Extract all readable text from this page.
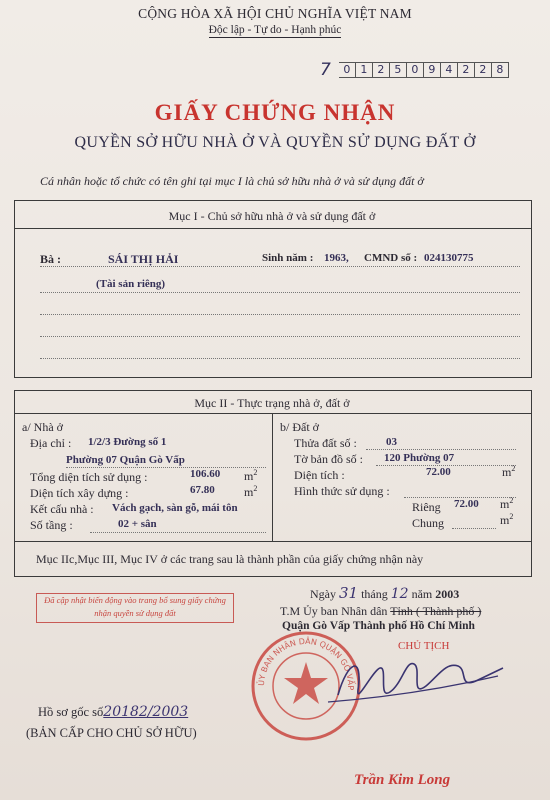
CỘNG HÒA XÃ HỘI CHỦ NGHĨA VIỆT NAM
Độc lập - Tự do - Hạnh phúc
7	0 1 2 5 0 9 4 2 2 8
GIẤY CHỨNG NHẬN
QUYỀN SỞ HỮU NHÀ Ở VÀ QUYỀN SỬ DỤNG ĐẤT Ở
Cá nhân hoặc tổ chức có tên ghi tại mục I là chủ sở hữu nhà ở và sử dụng đất ở
Mục I - Chủ sở hữu nhà ở và sử dụng đất ở
Bà :	SÁI THỊ HẢI	Sinh năm : 1963, CMND số : 024130775
(Tài sản riêng)
Mục II - Thực trạng nhà ở, đất ở
a/ Nhà ở
Địa chỉ : 1/2/3 Đường số 1
Phường 07 Quận Gò Vấp
Tổng diện tích sử dụng :	106.60 $m^2$
Diện tích xây dựng :	67.80 $m^2$
Kết cấu nhà : Vách gạch, sàn gỗ, mái tôn
Số tầng :	02 + sân
b/ Đất ở
Thửa đất số :	03
Tờ bản đồ số : 120 Phường 07
Diện tích :	72.00	$m^2$
Hình thức sử dụng :
Riêng 72.00 $m^2$
Chung	$m^2$
Mục IIc,Mục III, Mục IV ở các trang sau là thành phần của giấy chứng nhận này
Đã cập nhật biến động vào trang bổ sung giấy chứng nhận quyền sử dụng đất
Ngày 31 tháng 12 năm 2003
T.M Ủy ban Nhân dân Tỉnh ( Thành phố )
Quận Gò Vấp Thành phố Hồ Chí Minh
CHỦ TỊCH
ỦY BAN NHÂN DÂN QUẬN GÒ VẤP
Hồ sơ gốc số20182/2003
(BẢN CẤP CHO CHỦ SỞ HỮU)
Trần Kim Long
